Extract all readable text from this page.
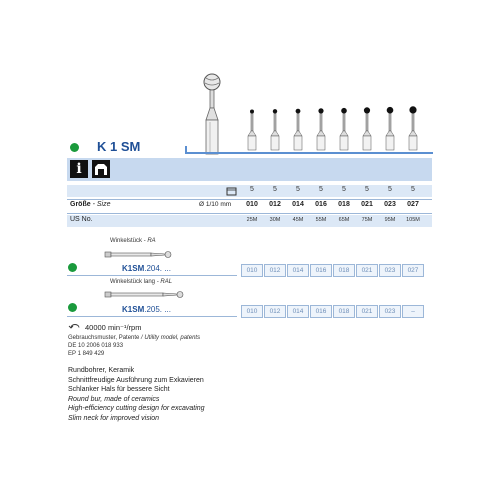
K 1 SM
i
5	5	5	5	5	5	5	5
Größe - Size	Ø 1/10 mm	010	012	014	016	018	021	023	027
US No.	25M	30M	45M	55M	65M	75M	95M	105M
Winkelstück - RA
K1SM.204. ...	010	012	014	016	018	021	023	027
Winkelstück lang - RAL
K1SM.205. ...	010	012	014	016	018	021	023	–
40000 min⁻¹/rpm
Gebrauchsmuster, Patente / Utility model, patents
DE 10 2006 018 933
EP 1 849 429
Rundbohrer, Keramik
Schnittfreudige Ausführung zum Exkavieren
Schlanker Hals für bessere Sicht
Round bur, made of ceramics
High-efficiency cutting design for excavating
Slim neck for improved vision
